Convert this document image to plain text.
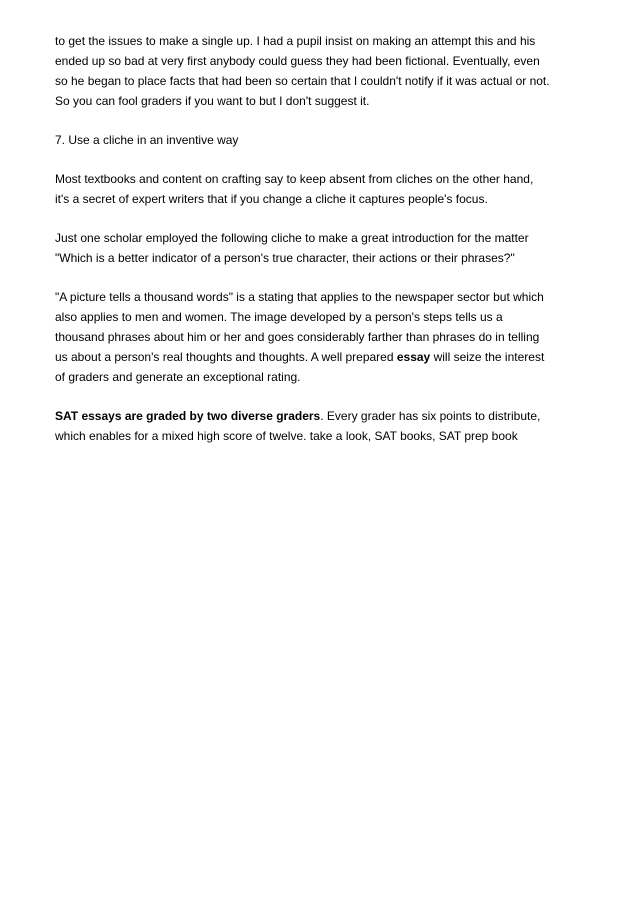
to get the issues to make a single up. I had a pupil insist on making an attempt this and his
ended up so bad at very first anybody could guess they had been fictional. Eventually, even
so he began to place facts that had been so certain that I couldn't notify if it was actual or not.
So you can fool graders if you want to but I don't suggest it.
7. Use a cliche in an inventive way
Most textbooks and content on crafting say to keep absent from cliches on the other hand,
it's a secret of expert writers that if you change a cliche it captures people's focus.
Just one scholar employed the following cliche to make a great introduction for the matter
"Which is a better indicator of a person's true character, their actions or their phrases?"
"A picture tells a thousand words" is a stating that applies to the newspaper sector but which
also applies to men and women. The image developed by a person's steps tells us a
thousand phrases about him or her and goes considerably farther than phrases do in telling
us about a person's real thoughts and thoughts. A well prepared essay will seize the interest
of graders and generate an exceptional rating.
SAT essays are graded by two diverse graders. Every grader has six points to distribute,
which enables for a mixed high score of twelve. take a look, SAT books, SAT prep book
